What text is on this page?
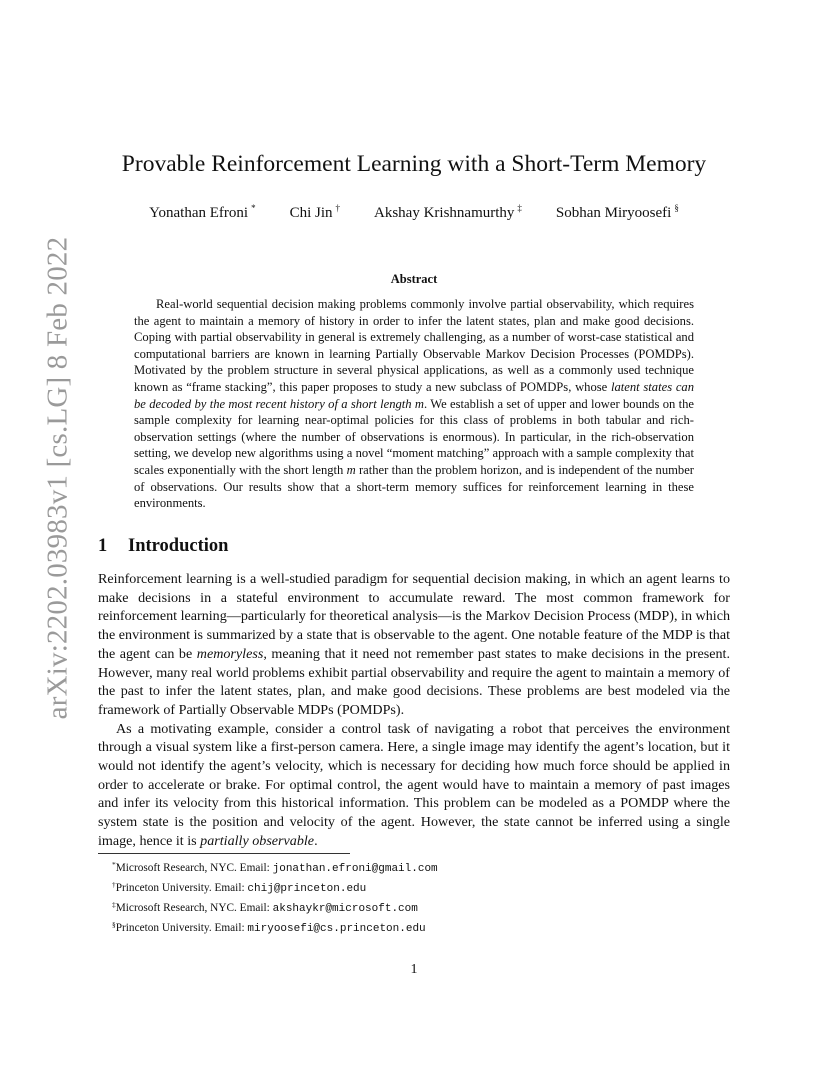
arXiv:2202.03983v1 [cs.LG] 8 Feb 2022
Provable Reinforcement Learning with a Short-Term Memory
Yonathan Efroni * Chi Jin † Akshay Krishnamurthy ‡ Sobhan Miryoosefi §
Abstract

Real-world sequential decision making problems commonly involve partial observability, which requires the agent to maintain a memory of history in order to infer the latent states, plan and make good decisions. Coping with partial observability in general is extremely challenging, as a number of worst-case statistical and computational barriers are known in learning Partially Observable Markov Decision Processes (POMDPs). Motivated by the problem structure in several physical applications, as well as a commonly used technique known as “frame stacking”, this paper proposes to study a new subclass of POMDPs, whose latent states can be decoded by the most recent history of a short length m. We establish a set of upper and lower bounds on the sample complexity for learning near-optimal policies for this class of problems in both tabular and rich-observation settings (where the number of observations is enormous). In particular, in the rich-observation setting, we develop new algorithms using a novel “moment matching” approach with a sample complexity that scales exponentially with the short length m rather than the problem horizon, and is independent of the number of observations. Our results show that a short-term memory suffices for reinforcement learning in these environments.

1 Introduction

Reinforcement learning is a well-studied paradigm for sequential decision making, in which an agent learns to make decisions in a stateful environment to accumulate reward. The most common framework for reinforcement learning—particularly for theoretical analysis—is the Markov Decision Process (MDP), in which the environment is summarized by a state that is observable to the agent. One notable feature of the MDP is that the agent can be memoryless, meaning that it need not remember past states to make decisions in the present. However, many real world problems exhibit partial observability and require the agent to maintain a memory of the past to infer the latent states, plan, and make good decisions. These problems are best modeled via the framework of Partially Observable MDPs (POMDPs).

As a motivating example, consider a control task of navigating a robot that perceives the environment through a visual system like a first-person camera. Here, a single image may identify the agent’s location, but it would not identify the agent’s velocity, which is necessary for deciding how much force should be applied in order to accelerate or brake. For optimal control, the agent would have to maintain a memory of past images and infer its velocity from this historical information. This problem can be modeled as a POMDP where the system state is the position and velocity of the agent. However, the state cannot be inferred using a single image, hence it is partially observable.

*Microsoft Research, NYC. Email: jonathan.efroni@gmail.com

†Princeton University. Email: chij@princeton.edu

‡Microsoft Research, NYC. Email: akshaykr@microsoft.com

§Princeton University. Email: miryoosefi@cs.princeton.edu

1
